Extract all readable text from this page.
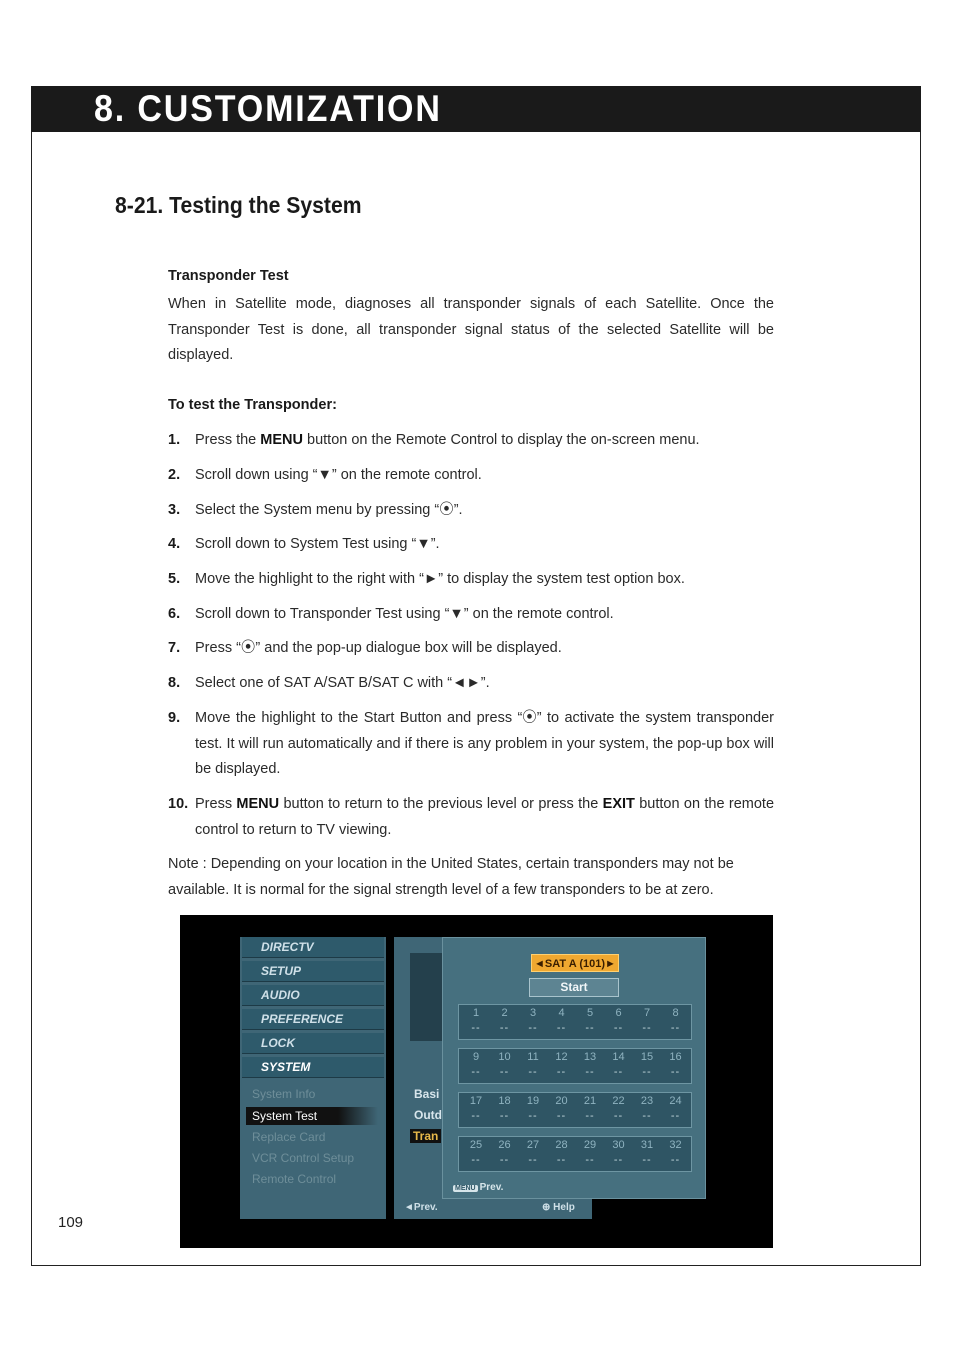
8. CUSTOMIZATION
8-21. Testing the System
Transponder Test
When in Satellite mode, diagnoses all transponder signals of each Satellite. Once the Transponder Test is done, all transponder signal status of the selected Satellite will be displayed.
To test the Transponder:
1. Press the MENU button on the Remote Control to display the on-screen menu.
2. Scroll down using “▼” on the remote control.
3. Select the System menu by pressing “⦿”.
4. Scroll down to System Test using “▼”.
5. Move the highlight to the right with “►” to display the system test option box.
6. Scroll down to Transponder Test using “▼” on the remote control.
7. Press “⦿” and the pop-up dialogue box will be displayed.
8. Select one of SAT A/SAT B/SAT C with “◄►”.
9. Move the highlight to the Start Button and press “⦿” to activate the system transponder test. It will run automatically and if there is any problem in your system, the pop-up box will be displayed.
10. Press MENU button to return to the previous level or press the EXIT button on the remote control to return to TV viewing.
Note : Depending on your location in the United States, certain transponders may not be available. It is normal for the signal strength level of a few transponders to be at zero.
DIRECTV
SETUP
AUDIO
PREFERENCE
LOCK
SYSTEM
System Info
System Test
Replace Card
VCR Control Setup
Remote Control
Basi
Outd
Tran
◄Prev.	⊕ Help
◄SAT A (101)►
Start
1
--
2
--
3
--
4
--
5
--
6
--
7
--
8
--
9
--
10
--
11
--
12
--
13
--
14
--
15
--
16
--
17
--
18
--
19
--
20
--
21
--
22
--
23
--
24
--
25
--
26
--
27
--
28
--
29
--
30
--
31
--
32
--
MENU Prev.
109
